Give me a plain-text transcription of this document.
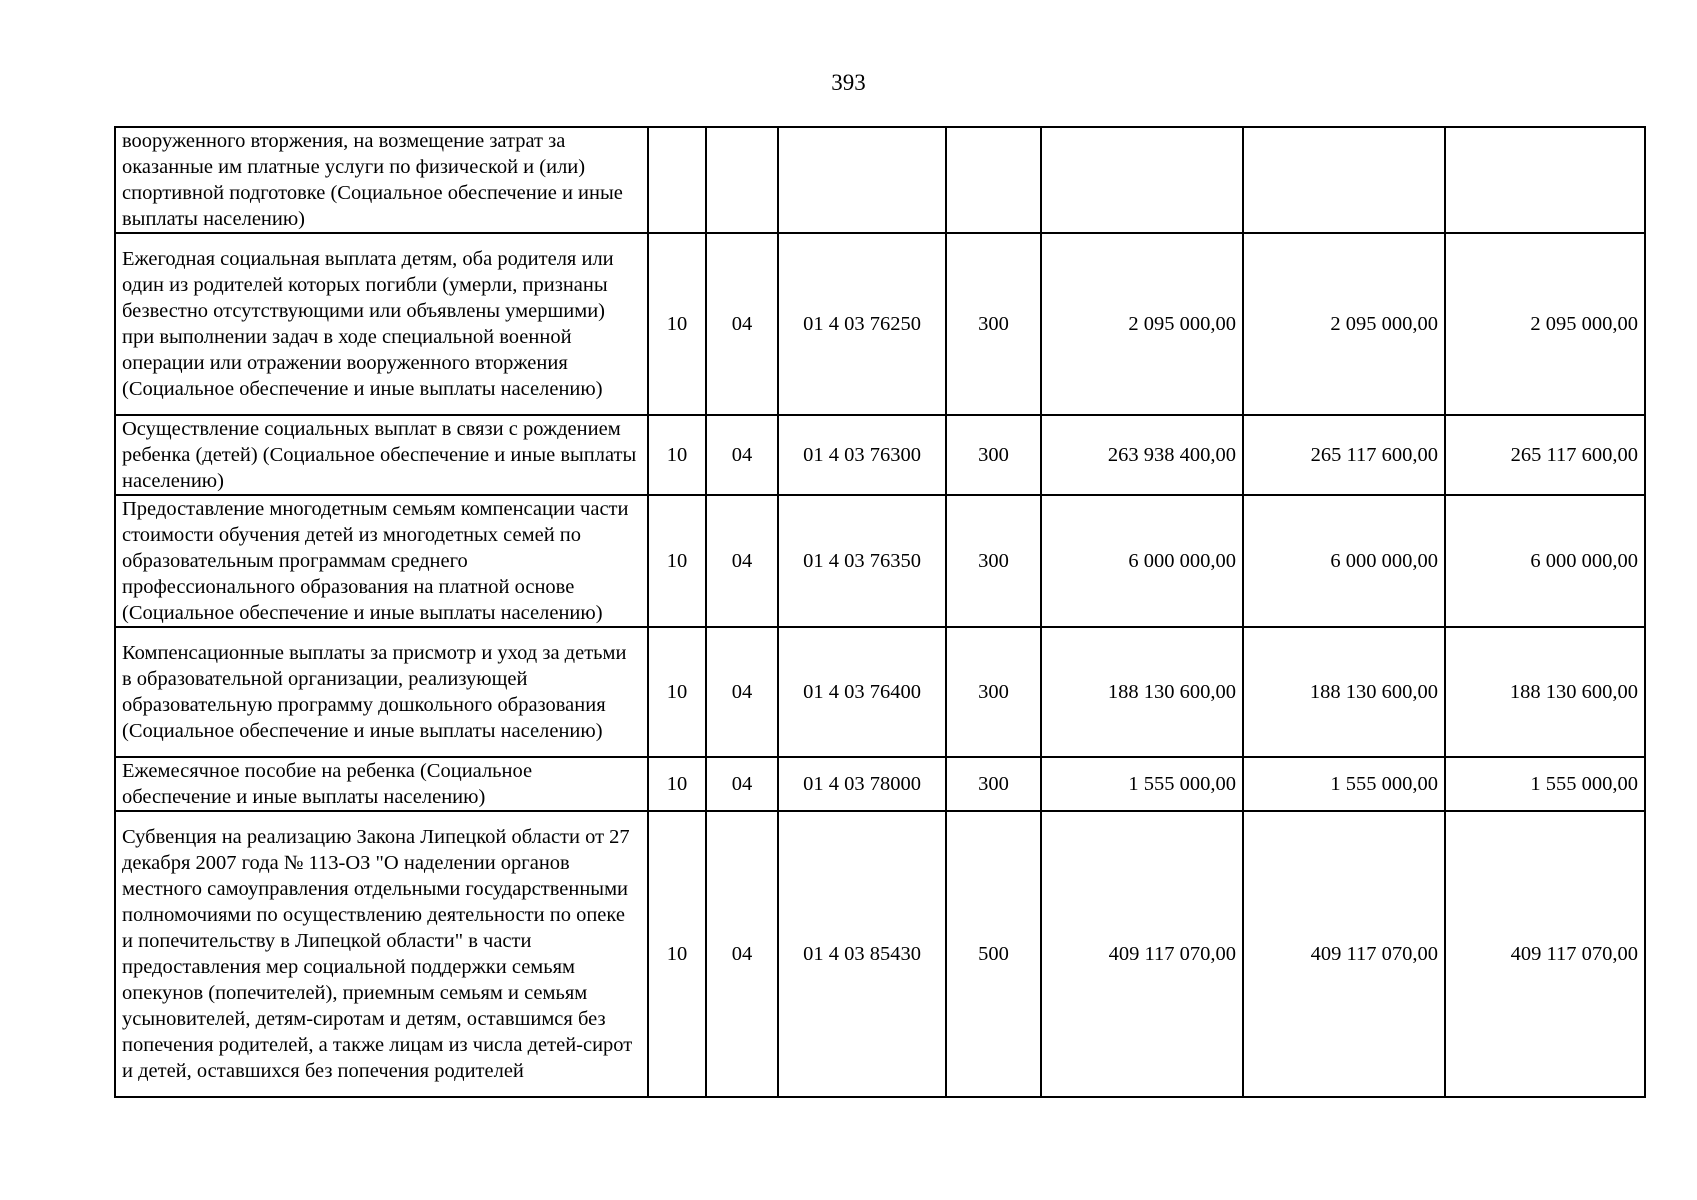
393
вооруженного вторжения, на возмещение затрат за оказанные им платные услуги по физической и (или) спортивной подготовке (Социальное обеспечение и иные выплаты населению)							
Ежегодная социальная выплата детям, оба родителя или один из родителей которых погибли (умерли, признаны безвестно отсутствующими или объявлены умершими) при выполнении задач в ходе специальной военной операции или отражении вооруженного вторжения (Социальное обеспечение и иные выплаты населению)	10	04	01 4 03 76250	300	2 095 000,00	2 095 000,00	2 095 000,00
Осуществление социальных выплат в связи с рождением ребенка (детей) (Социальное обеспечение и иные выплаты населению)	10	04	01 4 03 76300	300	263 938 400,00	265 117 600,00	265 117 600,00
Предоставление многодетным семьям компенсации части стоимости обучения детей из многодетных семей по образовательным программам среднего профессионального образования на платной основе (Социальное обеспечение и иные выплаты населению)	10	04	01 4 03 76350	300	6 000 000,00	6 000 000,00	6 000 000,00
Компенсационные выплаты за присмотр и уход за детьми в образовательной организации, реализующей образовательную программу дошкольного образования (Социальное обеспечение и иные выплаты населению)	10	04	01 4 03 76400	300	188 130 600,00	188 130 600,00	188 130 600,00
Ежемесячное пособие на ребенка (Социальное обеспечение и иные выплаты населению)	10	04	01 4 03 78000	300	1 555 000,00	1 555 000,00	1 555 000,00
Субвенция на реализацию Закона Липецкой области от 27 декабря 2007 года № 113-ОЗ "О наделении органов местного самоуправления отдельными государственными полномочиями по осуществлению деятельности по опеке и попечительству в Липецкой области" в части предоставления мер социальной поддержки семьям опекунов (попечителей), приемным семьям и семьям усыновителей, детям-сиротам и детям, оставшимся без попечения родителей, а также лицам из числа детей-сирот и детей, оставшихся без попечения родителей	10	04	01 4 03 85430	500	409 117 070,00	409 117 070,00	409 117 070,00
